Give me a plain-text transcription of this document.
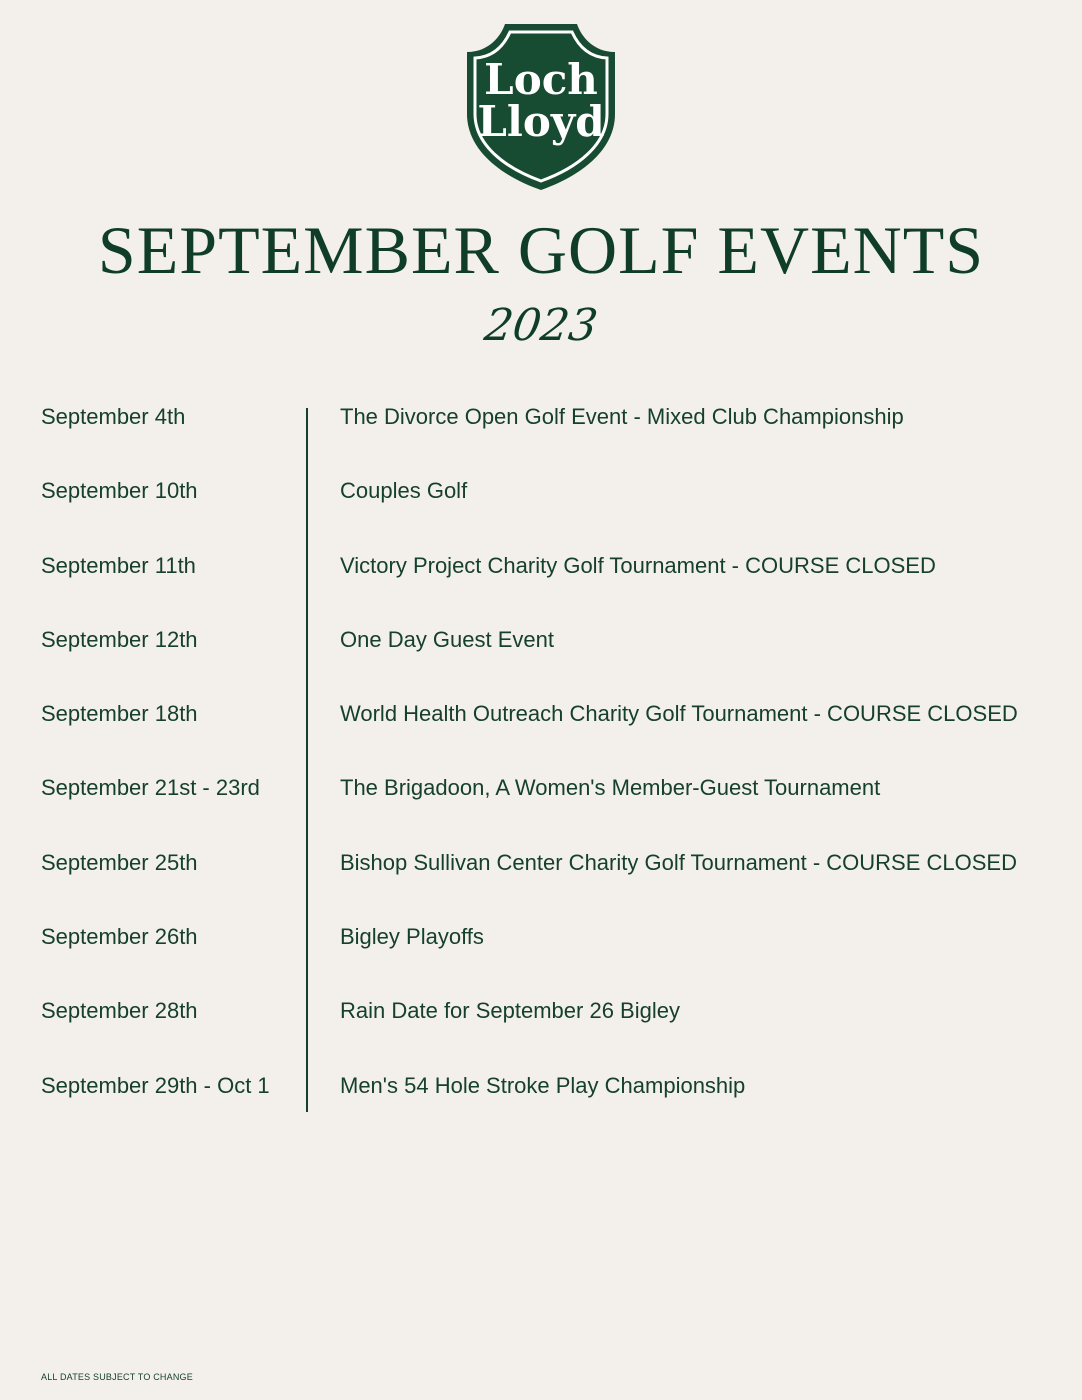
Loch
Lloyd
SEPTEMBER GOLF EVENTS
2023
September 4th	The Divorce Open Golf Event - Mixed Club Championship
September 10th	Couples Golf
September 11th	Victory Project Charity Golf Tournament - COURSE CLOSED
September 12th	One Day Guest Event
September 18th	World Health Outreach Charity Golf Tournament - COURSE CLOSED
September 21st - 23rd	The Brigadoon, A Women's Member-Guest Tournament
September 25th	Bishop Sullivan Center Charity Golf Tournament - COURSE CLOSED
September 26th	Bigley Playoffs
September 28th	Rain Date for September 26 Bigley
September 29th - Oct 1	Men's 54 Hole Stroke Play Championship
ALL DATES SUBJECT TO CHANGE
